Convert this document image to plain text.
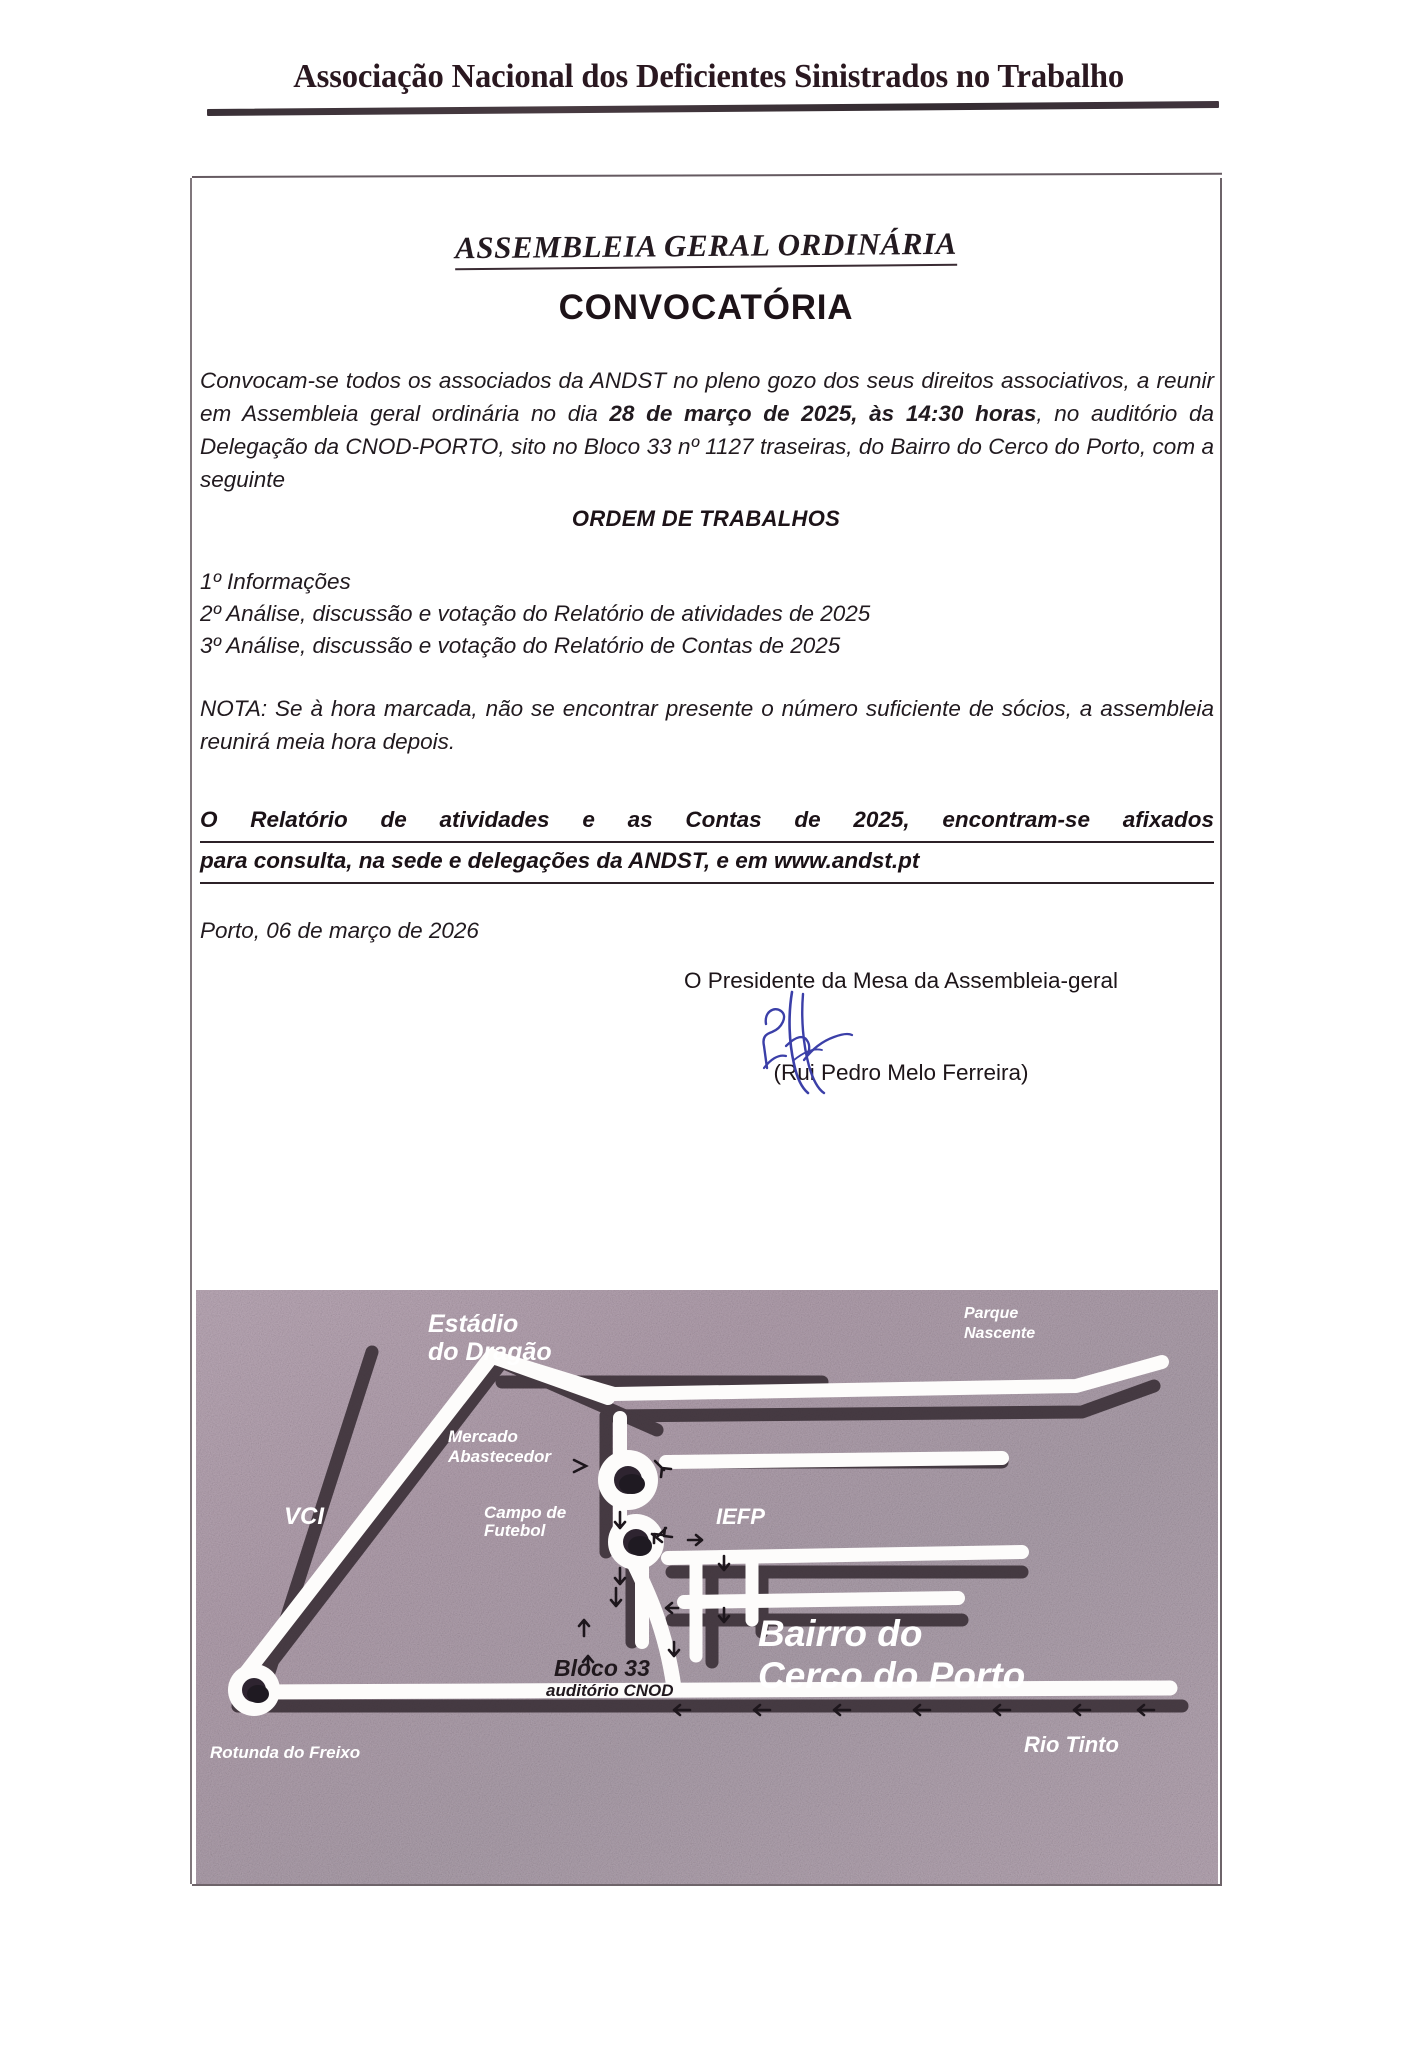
Associação Nacional dos Deficientes Sinistrados no Trabalho
ASSEMBLEIA GERAL ORDINÁRIA
CONVOCATÓRIA
Convocam-se todos os associados da ANDST no pleno gozo dos seus direitos associativos, a reunir em Assembleia geral ordinária no dia 28 de março de 2025, às 14:30 horas, no auditório da Delegação da CNOD-PORTO, sito no Bloco 33 nº 1127 traseiras, do Bairro do Cerco do Porto, com a seguinte
ORDEM DE TRABALHOS
1º Informações
2º Análise, discussão e votação do Relatório de atividades de 2025
3º Análise, discussão e votação do Relatório de Contas de 2025
NOTA: Se à hora marcada, não se encontrar presente o número suficiente de sócios, a assembleia reunirá meia hora depois.
O Relatório de atividades e as Contas de 2025, encontram-se afixados
para consulta, na sede e delegações da ANDST, e em www.andst.pt
Porto, 06 de março de 2026
O Presidente da Mesa da Assembleia-geral
(Rui Pedro Melo Ferreira)
Estádio
do Dragão
Parque
Nascente
Mercado
Abastecedor
Campo de
Futebol
IEFP
VCI
Bairro do
Cerco do Porto
Bloco 33
auditório CNOD
Rotunda do Freixo	Rio Tinto
